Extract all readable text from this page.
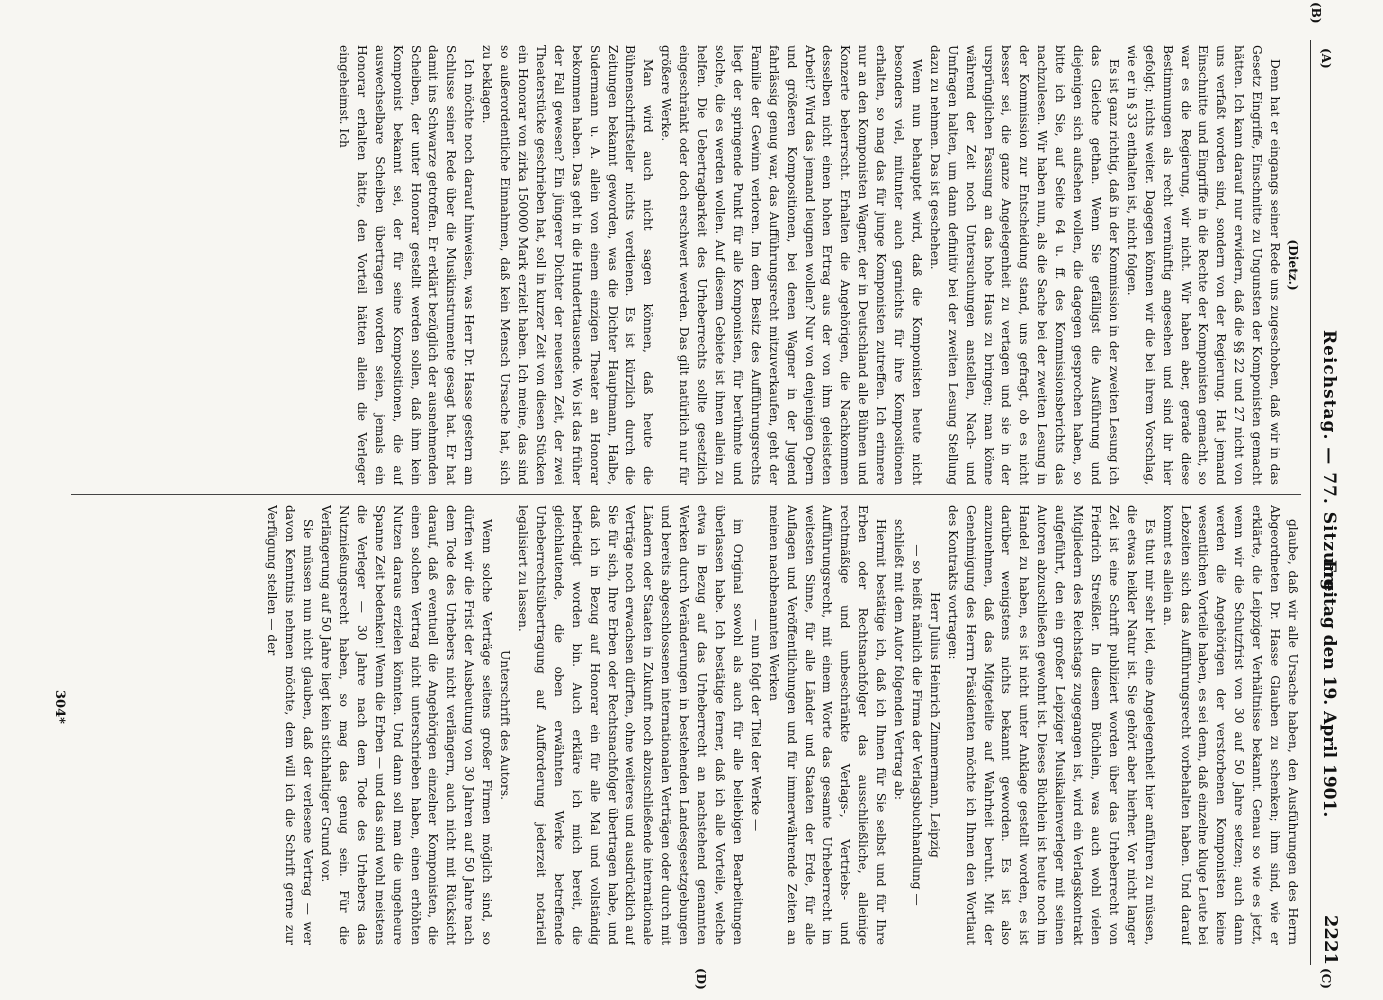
Reichstag. — 77. Sitzung.
Freitag den 19. April 1901.
2221
(A)
(B)
(C)
(D)

(Dietz.)

Denn hat er eingangs seiner Rede uns zugeschoben, daß wir in das Gesetz Eingriffe, Einschnitte zu Ungunsten der Komponisten gemacht hätten. Ich kann darauf nur erwidern, daß die §§ 22 und 27 nicht von uns verfaßt worden sind, sondern von der Regierung. Hat jemand Einschnitte und Eingriffe in die Rechte der Komponisten gemacht, so war es die Regierung, wir nicht. Wir haben aber, gerade diese Bestimmungen als recht vernünftig angesehen und sind ihr hier gefolgt; nichts weiter. Dagegen können wir die bei ihrem Vorschlag, wie er in § 33 enthalten ist, nicht folgen.

Es ist ganz richtig, daß in der Kommission in der zweiten Lesung ich das Gleiche gethan. Wenn Sie gefälligst die Ausführung und diejenigen sich aufsehen wollen, die dagegen gesprochen haben, so bitte ich Sie, auf Seite 64 u. ff. des Kommissionsberichts das nachzulesen. Wir haben nun, als die Sache bei der zweiten Lesung in der Kommission zur Entscheidung stand, uns gefragt, ob es nicht besser sei, die ganze Angelegenheit zu vertagen und sie in der ursprünglichen Fassung an das hohe Haus zu bringen; man könne während der Zeit noch Untersuchungen anstellen, Nach- und Umfragen halten, um dann definitiv bei der zweiten Lesung Stellung dazu zu nehmen. Das ist geschehen.

Wenn nun behauptet wird, daß die Komponisten heute nicht besonders viel, mitunter auch garnichts für ihre Kompositionen erhalten, so mag das für junge Komponisten zutreffen. Ich erinnere nur an den Komponisten Wagner, der in Deutschland alle Bühnen und Konzerte beherrscht. Erhalten die Angehörigen, die Nachkommen desselben nicht einen hohen Ertrag aus der von ihm geleisteten Arbeit? Wird das jemand leugnen wollen? Nur von denjenigen Opern und größeren Kompositionen, bei denen Wagner in der Jugend fahrlässig genug war, das Aufführungsrecht mitzuverkaufen, geht der Familie der Gewinn verloren. Im dem Besitz des Aufführungsrechts liegt der springende Punkt für alle Komponisten, für berühmte und solche, die es werden wollen. Auf diesem Gebiete ist ihnen allein zu helfen. Die Uebertragbarkeit des Urheberrechts sollte gesetzlich eingeschränkt oder doch erschwert werden. Das gilt natürlich nur für größere Werke.

Man wird auch nicht sagen können, daß heute die Bühnenschriftsteller nichts verdienen. Es ist kürzlich durch die Zeitungen bekannt geworden, was die Dichter Hauptmann, Halbe, Sudermann u. A. allein von einem einzigen Theater an Honorar bekommen haben. Das geht in die Hunderttausende. Wo ist das früher der Fall gewesen? Ein jüngerer Dichter der neuesten Zeit, der zwei Theaterstücke geschrieben hat, soll in kurzer Zeit von diesen Stücken ein Honorar von zirka 150000 Mark erzielt haben. Ich meine, das sind so außerordentliche Einnahmen, daß kein Mensch Ursache hat, sich zu beklagen.

Ich möchte noch darauf hinweisen, was Herr Dr. Hasse gestern am Schlusse seiner Rede über die Musikinstrumente gesagt hat. Er hat damit ins Schwarze getroffen. Er erklärt bezüglich der ausnehmenden Scheiben, der unter Honorar gestellt werden sollen, daß ihm kein Komponist bekannt sei, der für seine Kompositionen, die auf auswechselbare Scheiben übertragen worden seien, jemals ein Honorar erhalten hätte, den Vorteil hätten allein die Verleger eingeheimst. Ich

glaube, daß wir alle Ursache haben, den Ausführungen des Herrn Abgeordneten Dr. Hasse Glauben zu schenken; ihm sind, wie er erklärte, die Leipziger Verhältnisse bekannt. Genau so wie es jetzt, wenn wir die Schutzfrist von 30 auf 50 Jahre setzen; auch dann werden die Angehörigen der verstorbenen Komponisten keine wesentlichen Vorteile haben, es sei denn, daß einzelne kluge Leute bei Lebzeiten sich das Aufführungsrecht vorbehalten haben. Und darauf kommt es allein an.

Es thut mir sehr leid, eine Angelegenheit hier anführen zu müssen, die etwas heikler Natur ist. Sie gehört aber hierher. Vor nicht langer Zeit ist eine Schrift publiziert worden über das Urheberrecht von Friedrich Streißler. In diesem Büchlein, was auch wohl vielen Mitgliedern des Reichstags zugegangen ist, wird ein Verlagskontrakt aufgeführt, den ein großer Leipziger Musikalienverleger mit seinen Autoren abzuschließen gewohnt ist. Dieses Büchlein ist heute noch im Handel zu haben, es ist nicht unter Anklage gestellt worden, es ist darüber wenigstens nichts bekannt geworden. Es ist also anzunehmen, daß das Mitgeteilte auf Wahrheit beruht. Mit der Genehmigung des Herrn Präsidenten möchte ich Ihnen den Wortlaut des Kontrakts vortragen:

Herr Julius Heinrich Zimmermann, Leipzig

— so heißt nämlich die Firma der Verlagsbuchhandlung —

schließt mit dem Autor folgenden Vertrag ab:

Hiermit bestätige ich, daß ich Ihnen für Sie selbst und für Ihre Erben oder Rechtsnachfolger das ausschließliche, alleinige rechtmäßige und unbeschränkte Verlags-, Vertriebs- und Aufführungsrecht, mit einem Worte das gesamte Urheberrecht im weitesten Sinne, für alle Länder und Staaten der Erde, für alle Auflagen und Veröffentlichungen und für immerwährende Zeiten an meinen nachbenannten Werken

— nun folgt der Titel der Werke —

im Original sowohl als auch für alle beliebigen Bearbeitungen überlassen habe. Ich bestätige ferner, daß ich alle Vorteile, welche etwa in Bezug auf das Urheberrecht an nachstehend genannten Werken durch Veränderungen in bestehenden Landesgesetzgebungen und bereits abgeschlossenen internationalen Verträgen oder durch mit Ländern oder Staaten in Zukunft noch abzuschließende internationale Verträge noch erwachsen dürften, ohne weiteres und ausdrücklich auf Sie für sich, Ihre Erben oder Rechtsnachfolger übertragen habe, und daß ich in Bezug auf Honorar ein für alle Mal und vollständig befriedigt worden bin. Auch erkläre ich mich bereit, die gleichlautende, die oben erwähnten Werke betreffende Urheberrechtsübertragung auf Aufforderung jederzeit notariell legalisiert zu lassen.

Unterschrift des Autors.

Wenn solche Verträge seitens großer Firmen möglich sind, so dürfen wir die Frist der Ausbeutung von 30 Jahren auf 50 Jahre nach dem Tode des Urhebers nicht verlängern, auch nicht mit Rücksicht darauf, daß eventuell die Angehörigen einzelner Komponisten, die einen solchen Vertrag nicht unterschrieben haben, einen erhöhten Nutzen daraus erzielen könnten. Und dann soll man die ungeheure Spanne Zeit bedenken! Wenn die Erben — und das sind wohl meistens die Verleger — 30 Jahre nach dem Tode des Urhebers das Nutznießungsrecht haben, so mag das genug sein. Für die Verlängerung auf 50 Jahre liegt kein stichhaltiger Grund vor.

Sie müssen nun nicht glauben, daß der verlesene Vertrag — wer davon Kenntnis nehmen möchte, dem will ich die Schrift gerne zur Verfügung stellen — der

304*
